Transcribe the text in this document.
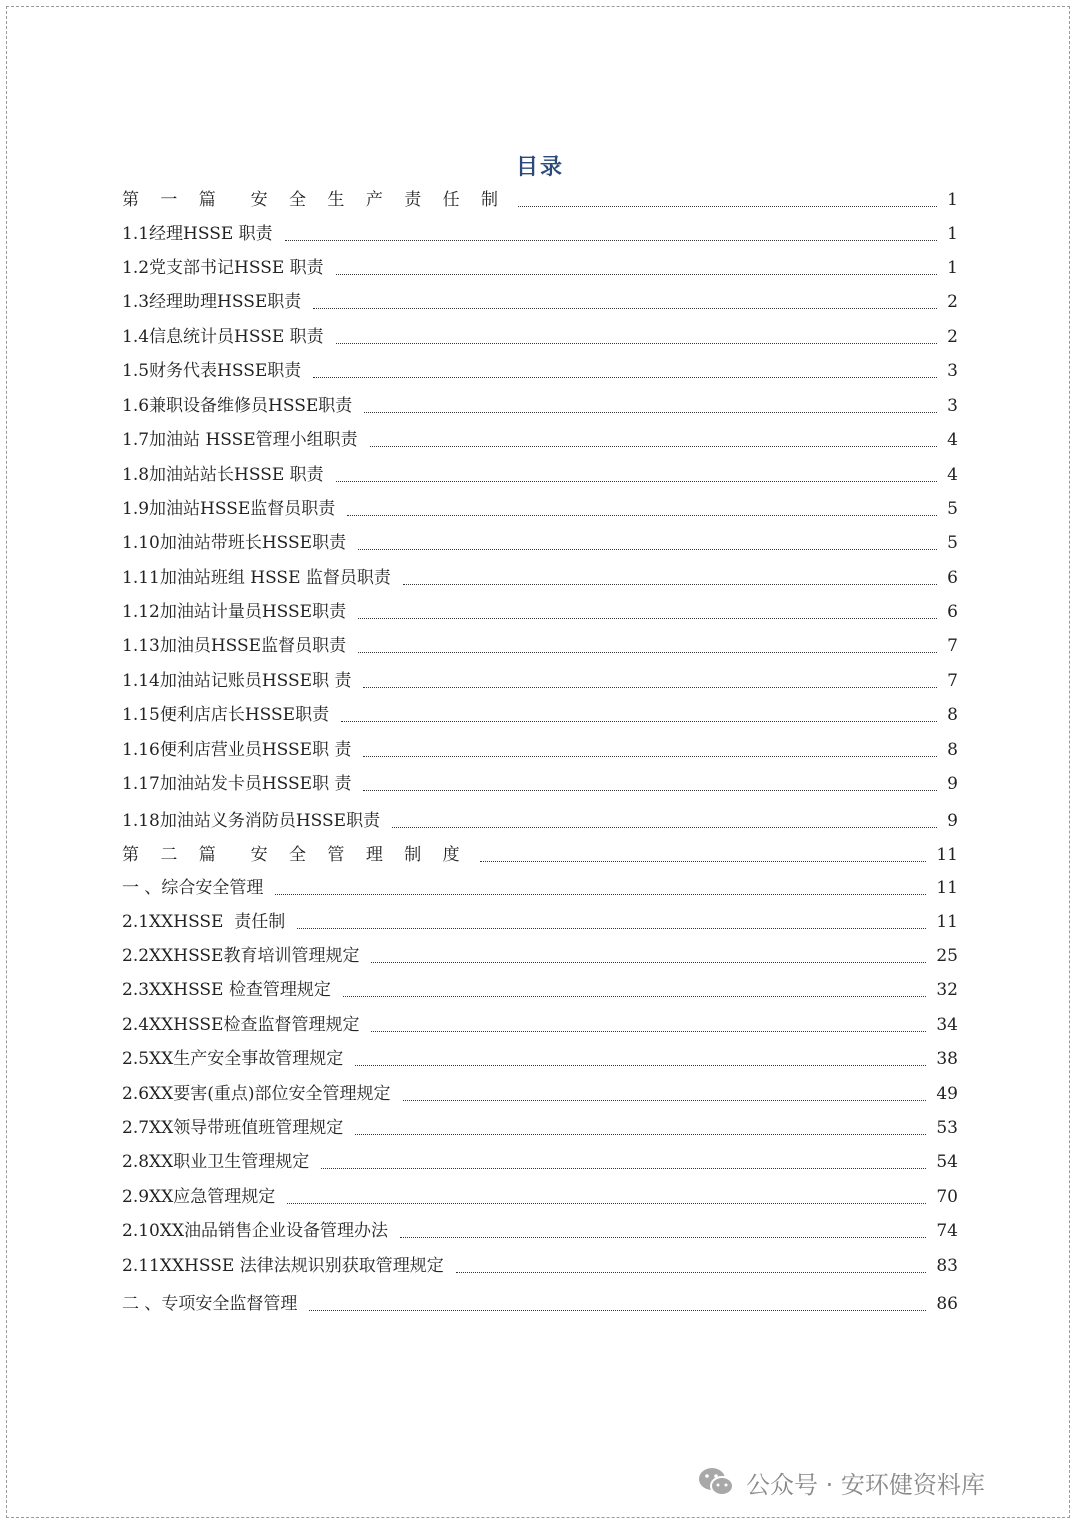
目录
第 一 篇  安 全 生 产 责 任 制	1
1.1经理HSSE 职责	1
1.2党支部书记HSSE 职责	1
1.3经理助理HSSE职责	2
1.4信息统计员HSSE 职责	2
1.5财务代表HSSE职责	3
1.6兼职设备维修员HSSE职责	3
1.7加油站 HSSE管理小组职责	4
1.8加油站站长HSSE 职责	4
1.9加油站HSSE监督员职责	5
1.10加油站带班长HSSE职责	5
1.11加油站班组 HSSE 监督员职责	6
1.12加油站计量员HSSE职责	6
1.13加油员HSSE监督员职责	7
1.14加油站记账员HSSE职 责	7
1.15便利店店长HSSE职责	8
1.16便利店营业员HSSE职 责	8
1.17加油站发卡员HSSE职 责	9
1.18加油站义务消防员HSSE职责	9
第 二 篇  安 全 管 理 制 度	11
一 、综合安全管理	11
2.1XXHSSE  责任制	11
2.2XXHSSE教育培训管理规定	25
2.3XXHSSE 检查管理规定	32
2.4XXHSSE检查监督管理规定	34
2.5XX生产安全事故管理规定	38
2.6XX要害(重点)部位安全管理规定	49
2.7XX领导带班值班管理规定	53
2.8XX职业卫生管理规定	54
2.9XX应急管理规定	70
2.10XX油品销售企业设备管理办法	74
2.11XXHSSE 法律法规识别获取管理规定	83
二 、专项安全监督管理	86
公众号 · 安环健资料库
